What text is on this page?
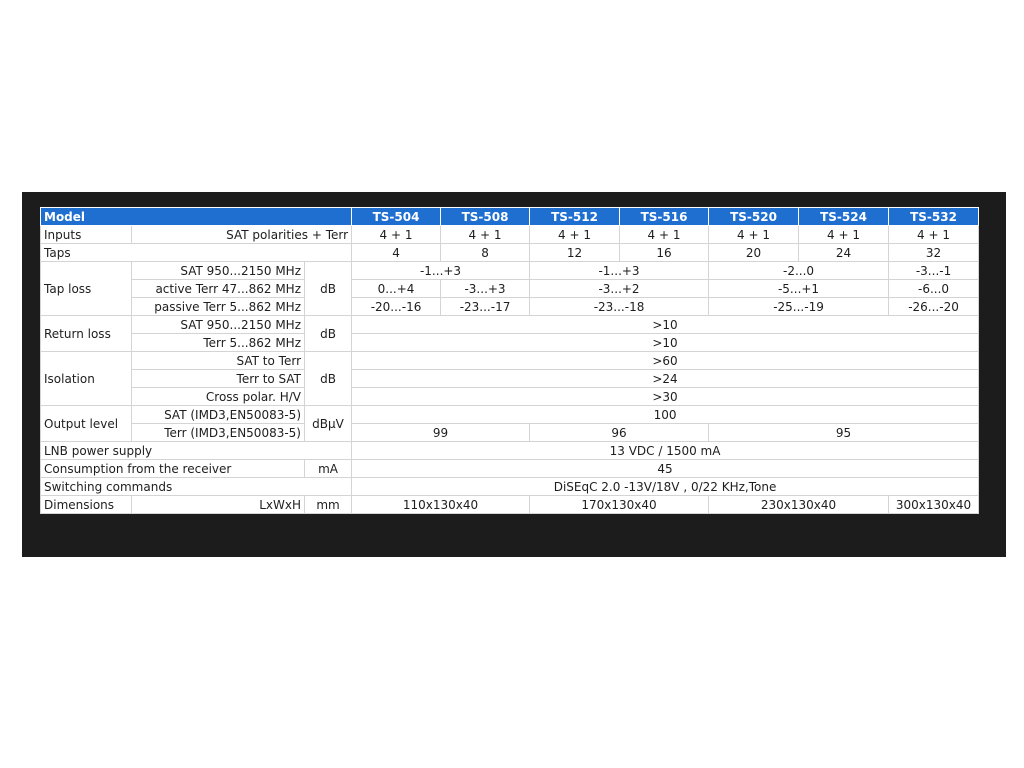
Model			TS-504	TS-508	TS-512	TS-516	TS-520	TS-524	TS-532
Inputs	SAT polarities + Terr		4 + 1	4 + 1	4 + 1	4 + 1	4 + 1	4 + 1	4 + 1
Taps			4	8	12	16	20	24	32
Tap loss	SAT 950...2150 MHz	dB	-1...+3		-1...+3		-2...0		-3...-1
	active Terr 47...862 MHz		0...+4	-3...+3	-3...+2		-5...+1		-6...0
	passive Terr 5...862 MHz		-20...-16	-23...-17	-23...-18		-25...-19		-26...-20
Return loss	SAT 950...2150 MHz	dB	>10						
	Terr 5...862 MHz		>10						
Isolation	SAT to Terr	dB	>60						
	Terr to SAT		>24						
	Cross polar. H/V		>30						
Output level	SAT (IMD3,EN50083-5)	dBµV	100						
	Terr (IMD3,EN50083-5)		99		96		95		
LNB power supply			13 VDC / 1500 mA						
Consumption from the receiver		mA	45						
Switching commands			DiSEqC 2.0 -13V/18V , 0/22 KHz,Tone						
Dimensions	LxWxH	mm	110x130x40		170x130x40		230x130x40		300x130x40
